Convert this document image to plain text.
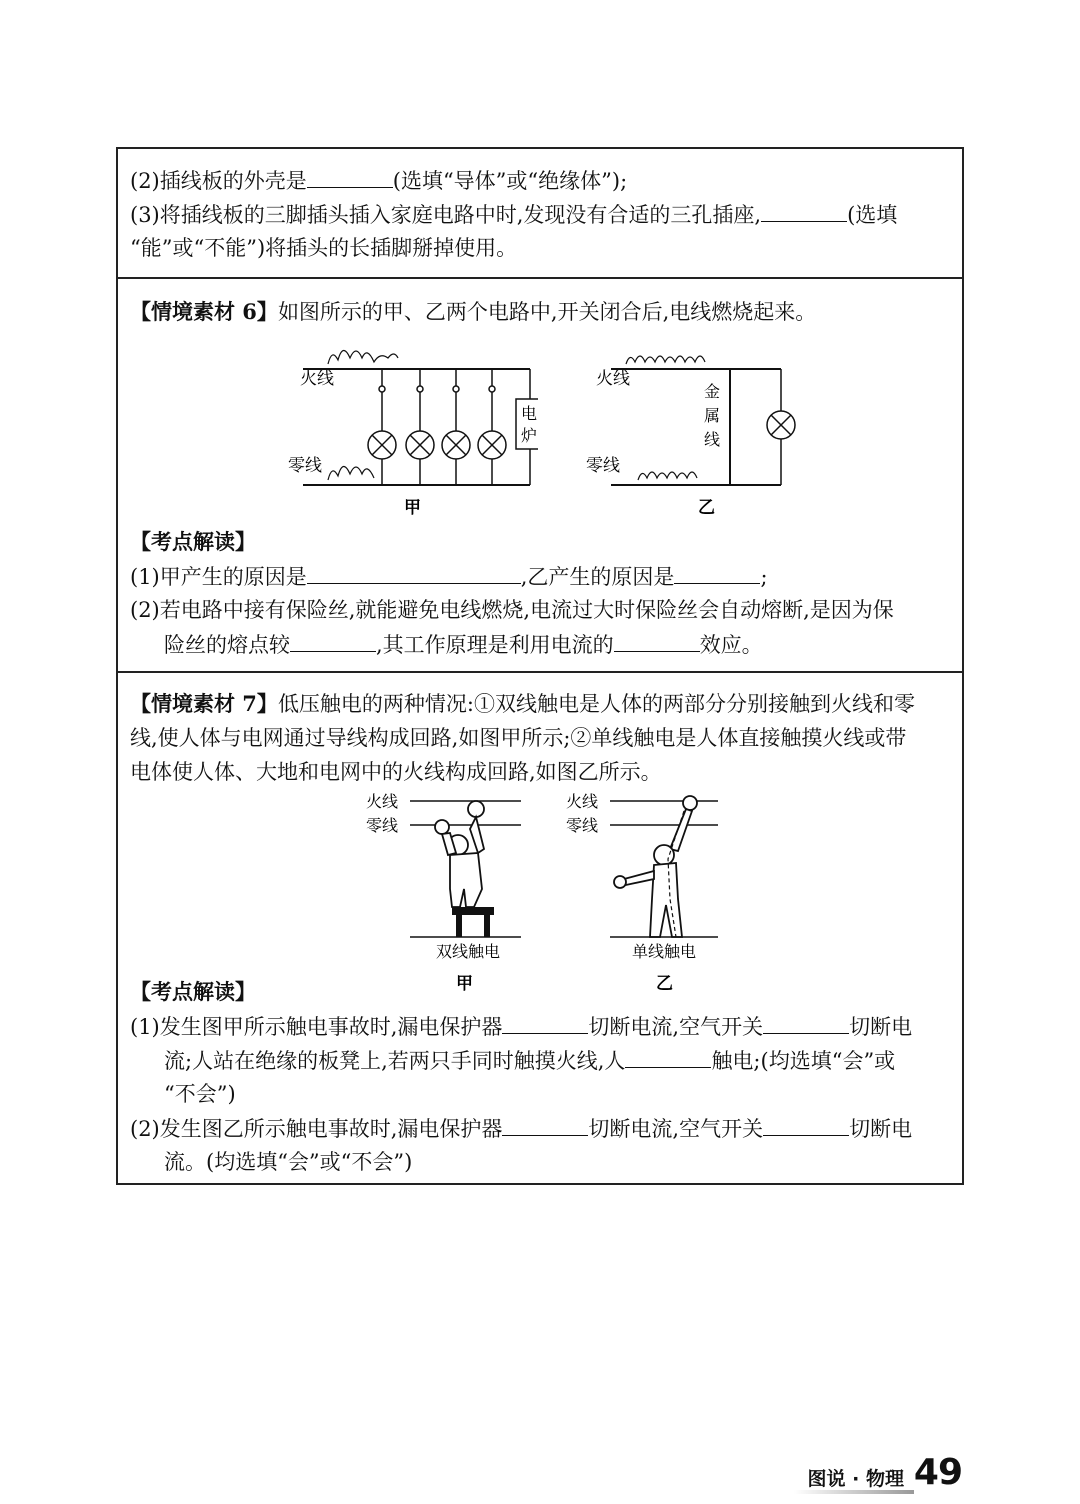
(2)插线板的外壳是	(选填“导体”或“绝缘体”);
(3)将插线板的三脚插头插入家庭电路中时,发现没有合适的三孔插座,	(选填
“能”或“不能”)将插头的长插脚掰掉使用。
【情境素材 6】如图所示的甲、乙两个电路中,开关闭合后,电线燃烧起来。
火线
零线
电
炉
甲
火线
零线
金
属
线
乙
【考点解读】
(1)甲产生的原因是	,乙产生的原因是	;
(2)若电路中接有保险丝,就能避免电线燃烧,电流过大时保险丝会自动熔断,是因为保
险丝的熔点较	,其工作原理是利用电流的	效应。
【情境素材 7】低压触电的两种情况:①双线触电是人体的两部分分别接触到火线和零
线,使人体与电网通过导线构成回路,如图甲所示;②单线触电是人体直接触摸火线或带
电体使人体、大地和电网中的火线构成回路,如图乙所示。
火线
零线
双线触电
甲
火线
零线
单线触电
乙
【考点解读】
(1)发生图甲所示触电事故时,漏电保护器	切断电流,空气开关	切断电
流;人站在绝缘的板凳上,若两只手同时触摸火线,人	触电;(均选填“会”或
“不会”)
(2)发生图乙所示触电事故时,漏电保护器	切断电流,空气开关	切断电
流。(均选填“会”或“不会”)
图说 · 物理 49
